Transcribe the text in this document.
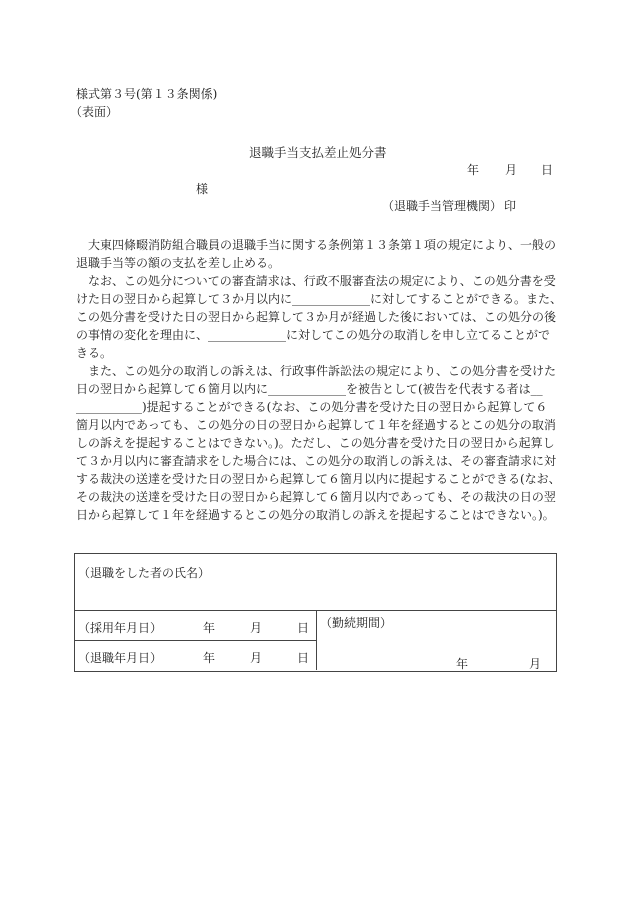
様式第３号(第１３条関係)
（表面）
退職手当支払差止処分書
年 月 日
様
（退職手当管理機関） 印
　大東四條畷消防組合職員の退職手当に関する条例第１３条第１項の規定により、一般の
退職手当等の額の支払を差し止める。
　なお、この処分についての審査請求は、行政不服審査法の規定により、この処分書を受
けた日の翌日から起算して３か月以内に_____________に対してすることができる。また、
この処分書を受けた日の翌日から起算して３か月が経過した後においては、この処分の後
の事情の変化を理由に、_____________に対してこの処分の取消しを申し立てることがで
きる。
　また、この処分の取消しの訴えは、行政事件訴訟法の規定により、この処分書を受けた
日の翌日から起算して６箇月以内に_____________を被告として(被告を代表する者は__
___________)提起することができる(なお、この処分書を受けた日の翌日から起算して６
箇月以内であっても、この処分の日の翌日から起算して１年を経過するとこの処分の取消
しの訴えを提起することはできない。)。ただし、この処分書を受けた日の翌日から起算し
て３か月以内に審査請求をした場合には、この処分の取消しの訴えは、その審査請求に対
する裁決の送達を受けた日の翌日から起算して６箇月以内に提起することができる(なお、
その裁決の送達を受けた日の翌日から起算して６箇月以内であっても、その裁決の日の翌
日から起算して１年を経過するとこの処分の取消しの訴えを提起することはできない。)。
（退職をした者の氏名）
（採用年月日）	年	月	日
（退職年月日）	年	月	日
（勤続期間）
年	月
